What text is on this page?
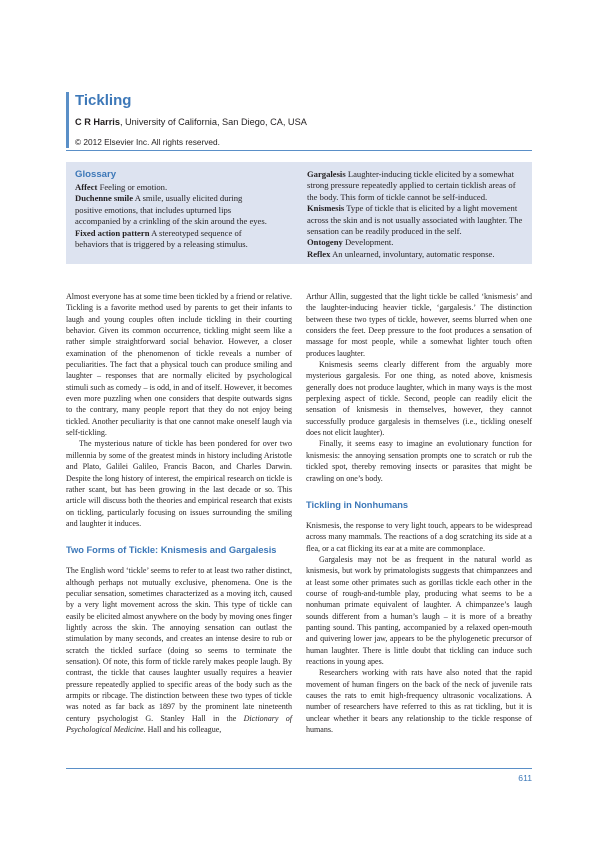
Tickling
C R Harris, University of California, San Diego, CA, USA
© 2012 Elsevier Inc. All rights reserved.
Glossary
Affect Feeling or emotion.
Duchenne smile A smile, usually elicited during positive emotions, that includes upturned lips accompanied by a crinkling of the skin around the eyes.
Fixed action pattern A stereotyped sequence of behaviors that is triggered by a releasing stimulus.
Gargalesis Laughter-inducing tickle elicited by a somewhat strong pressure repeatedly applied to certain ticklish areas of the body. This form of tickle cannot be self-induced.
Knismesis Type of tickle that is elicited by a light movement across the skin and is not usually associated with laughter. The sensation can be readily produced in the self.
Ontogeny Development.
Reflex An unlearned, involuntary, automatic response.

Almost everyone has at some time been tickled by a friend or relative. Tickling is a favorite method used by parents to get their infants to laugh and young couples often include tickling in their courting behavior. Given its common occurrence, tickling might seem like a rather simple straightforward social behavior. However, a closer examination of the phenomenon of tickle reveals a number of peculiarities. The fact that a physical touch can produce smiling and laughter – responses that are normally elicited by psychological stimuli such as comedy – is odd, in and of itself. However, it becomes even more puzzling when one considers that despite outwards signs to the contrary, many people report that they do not enjoy being tickled. Another peculiarity is that one cannot make oneself laugh via self-tickling.

The mysterious nature of tickle has been pondered for over two millennia by some of the greatest minds in history including Aristotle and Plato, Galilei Galileo, Francis Bacon, and Charles Darwin. Despite the long history of interest, the empirical research on tickle is rather scant, but has been growing in the last decade or so. This article will discuss both the theories and empirical research that exists on tickling, particularly focusing on issues surrounding the smiling and laughter it induces.

Two Forms of Tickle: Knismesis and Gargalesis

The English word ‘tickle’ seems to refer to at least two rather distinct, although perhaps not mutually exclusive, phenomena. One is the peculiar sensation, sometimes characterized as a moving itch, caused by a very light movement across the skin. This type of tickle can easily be elicited almost anywhere on the body by moving ones finger lightly across the skin. The annoying sensation can outlast the stimulation by many seconds, and creates an intense desire to rub or scratch the tickled surface (doing so seems to terminate the sensation). Of note, this form of tickle rarely makes people laugh. By contrast, the tickle that causes laughter usually requires a heavier pressure repeatedly applied to specific areas of the body such as the armpits or ribcage. The distinction between these two types of tickle was noted as far back as 1897 by the prominent late nineteenth century psychologist G. Stanley Hall in the Dictionary of Psychological Medicine. Hall and his colleague,

Arthur Allin, suggested that the light tickle be called ‘knismesis’ and the laughter-inducing heavier tickle, ‘gargalesis.’ The distinction between these two types of tickle, however, seems blurred when one considers the feet. Deep pressure to the foot produces a sensation of massage for most people, while a somewhat lighter touch often produces laughter.

Knismesis seems clearly different from the arguably more mysterious gargalesis. For one thing, as noted above, knismesis generally does not produce laughter, which in many ways is the most perplexing aspect of tickle. Second, people can readily elicit the sensation of knismesis in themselves, however, they cannot successfully produce gargalesis in themselves (i.e., tickling oneself does not elicit laughter).

Finally, it seems easy to imagine an evolutionary function for knismesis: the annoying sensation prompts one to scratch or rub the tickled spot, thereby removing insects or parasites that might be crawling on one’s body.

Tickling in Nonhumans

Knismesis, the response to very light touch, appears to be widespread across many mammals. The reactions of a dog scratching its side at a flea, or a cat flicking its ear at a mite are commonplace.

Gargalesis may not be as frequent in the natural world as knismesis, but work by primatologists suggests that chimpanzees and at least some other primates such as gorillas tickle each other in the course of rough-and-tumble play, producing what seems to be a nonhuman primate equivalent of laughter. A chimpanzee’s laugh sounds different from a human’s laugh – it is more of a breathy panting sound. This panting, accompanied by a relaxed open-mouth and quivering lower jaw, appears to be the phylogenetic precursor of human laughter. There is little doubt that tickling can induce such reactions in young apes.

Researchers working with rats have also noted that the rapid movement of human fingers on the back of the neck of juvenile rats causes the rats to emit high-frequency ultrasonic vocalizations. A number of researchers have referred to this as rat tickling, but it is unclear whether it bears any relationship to the tickle response of humans.

611
